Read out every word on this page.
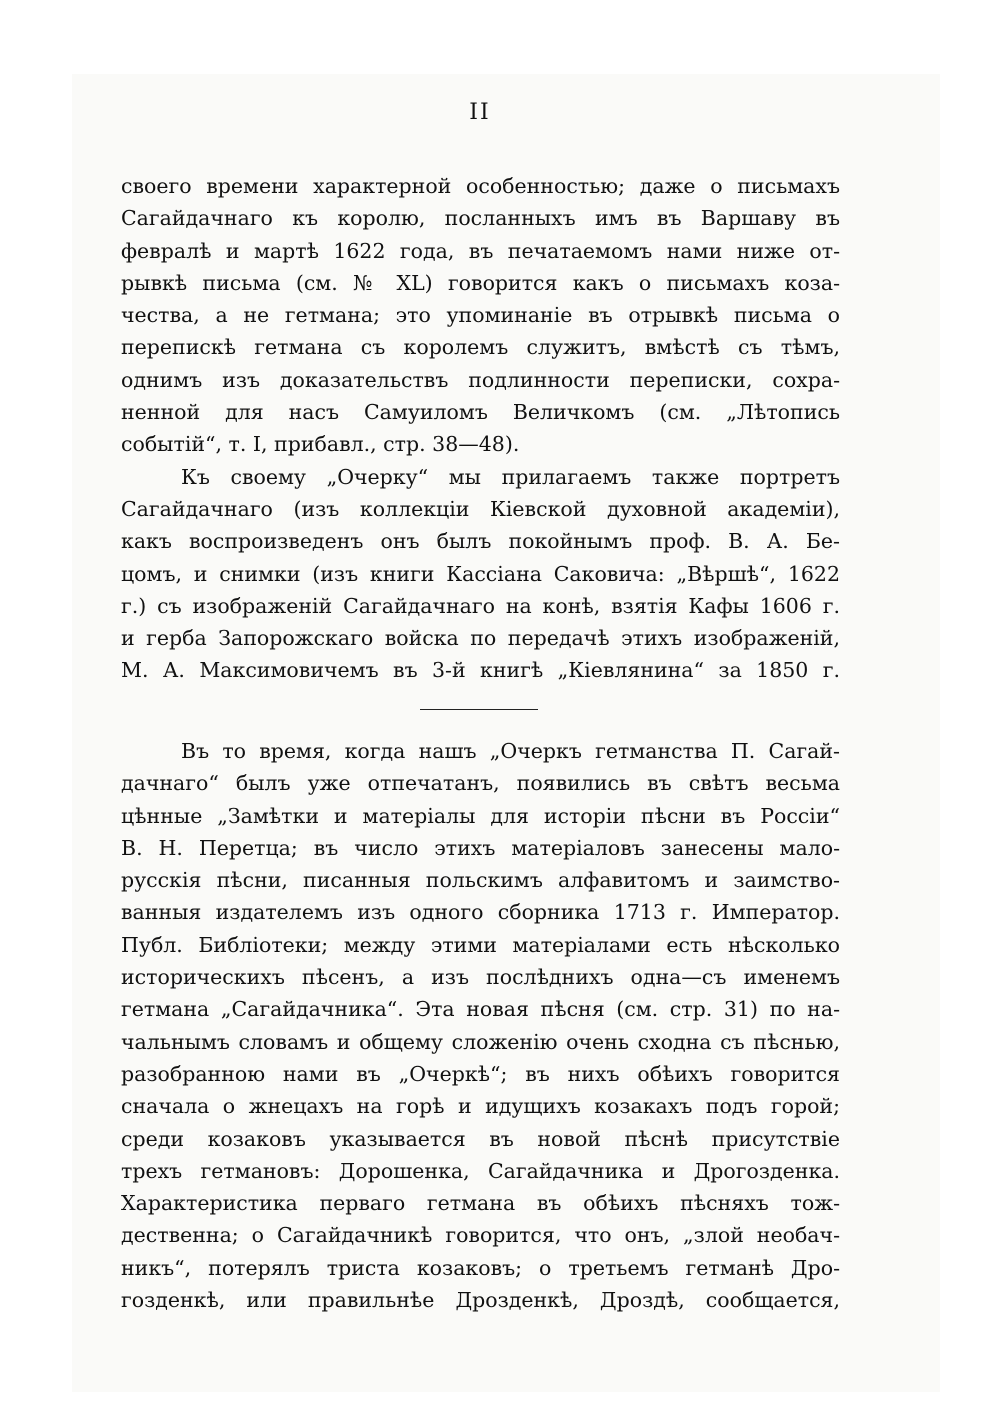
II

своего времени характерной особенностью; даже о письмахъ
Сагайдачнаго къ королю, посланныхъ имъ въ Варшаву въ
февралѣ и мартѣ 1622 года, въ печатаемомъ нами ниже от-
рывкѣ письма (см. № XL) говорится какъ о письмахъ коза-
чества, а не гетмана; это упоминаніе въ отрывкѣ письма о
перепискѣ гетмана съ королемъ служитъ, вмѣстѣ съ тѣмъ,
однимъ изъ доказательствъ подлинности переписки, сохра-
ненной для насъ Самуиломъ Величкомъ (см. „Лѣтопись
событій“, т. I, прибавл., стр. 38—48).

Къ своему „Очерку“ мы прилагаемъ также портретъ
Сагайдачнаго (изъ коллекціи Кіевской духовной академіи),
какъ воспроизведенъ онъ былъ покойнымъ проф. В. А. Бе-
цомъ, и снимки (изъ книги Кассіана Саковича: „Вѣршѣ“, 1622
г.) съ изображеній Сагайдачнаго на конѣ, взятія Кафы 1606 г.
и герба Запорожскаго войска по передачѣ этихъ изображеній,
М. А. Максимовичемъ въ 3-й книгѣ „Кіевлянина“ за 1850 г.

Въ то время, когда нашъ „Очеркъ гетманства П. Сагай-
дачнаго“ былъ уже отпечатанъ, появились въ свѣтъ весьма
цѣнные „Замѣтки и матеріалы для исторіи пѣсни въ Россіи“
В. Н. Перетца; въ число этихъ матеріаловъ занесены мало-
русскія пѣсни, писанныя польскимъ алфавитомъ и заимство-
ванныя издателемъ изъ одного сборника 1713 г. Император.
Публ. Библіотеки; между этими матеріалами есть нѣсколько
историческихъ пѣсенъ, а изъ послѣднихъ одна—съ именемъ
гетмана „Сагайдачника“. Эта новая пѣсня (см. стр. 31) по на-
чальнымъ словамъ и общему сложенію очень сходна съ пѣснью,
разобранною нами въ „Очеркѣ“; въ нихъ обѣихъ говорится
сначала о жнецахъ на горѣ и идущихъ козакахъ подъ горой;
среди козаковъ указывается въ новой пѣснѣ присутствіе
трехъ гетмановъ: Дорошенка, Сагайдачника и Дрогозденка.
Характеристика перваго гетмана въ обѣихъ пѣсняхъ тож-
дественна; о Сагайдачникѣ говорится, что онъ, „злой необач-
никъ“, потерялъ триста козаковъ; о третьемъ гетманѣ Дро-
гозденкѣ, или правильнѣе Дрозденкѣ, Дроздѣ, сообщается,
